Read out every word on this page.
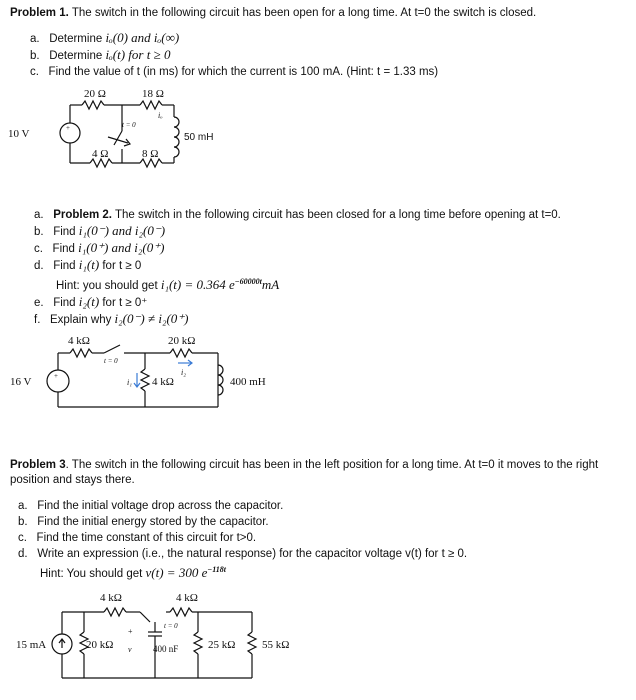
Problem 1. The switch in the following circuit has been open for a long time. At t=0 the switch is closed.
a. Determine iₒ(0) and iₒ(∞)
b. Determine iₒ(t) for t ≥ 0
c. Find the value of t (in ms) for which the current is 100 mA. (Hint: t = 1.33 ms)
+
10 V
20 Ω	18 Ω
4 Ω	8 Ω
50 mH
t = 0
iₒ
a. Problem 2. The switch in the following circuit has been closed for a long time before opening at t=0.
b. Find i₁(0⁻) and i₂(0⁻)
c. Find i₁(0⁺) and i₂(0⁺)
d. Find i₁(t) for t ≥ 0
Hint: you should get i₁(t) = 0.364 $e^{-60000t}mA$
e. Find i₂(t) for t ≥ 0⁺
f. Explain why i₂(0⁻) ≠ i₂(0⁺)
+
16 V
4 kΩ	20 kΩ
4 kΩ	400 mH
t = 0
i₁
i₂
Problem 3. The switch in the following circuit has been in the left position for a long time. At t=0 it moves to the right
position and stays there.
a. Find the initial voltage drop across the capacitor.
b. Find the initial energy stored by the capacitor.
c. Find the time constant of this circuit for t>0.
d. Write an expression (i.e., the natural response) for the capacitor voltage v(t) for t ≥ 0.
Hint: You should get v(t) = 300 $e^{-118t}$
15 mA
4 kΩ	4 kΩ
20 kΩ	400 nF	25 kΩ 55 kΩ
t = 0
v
+
